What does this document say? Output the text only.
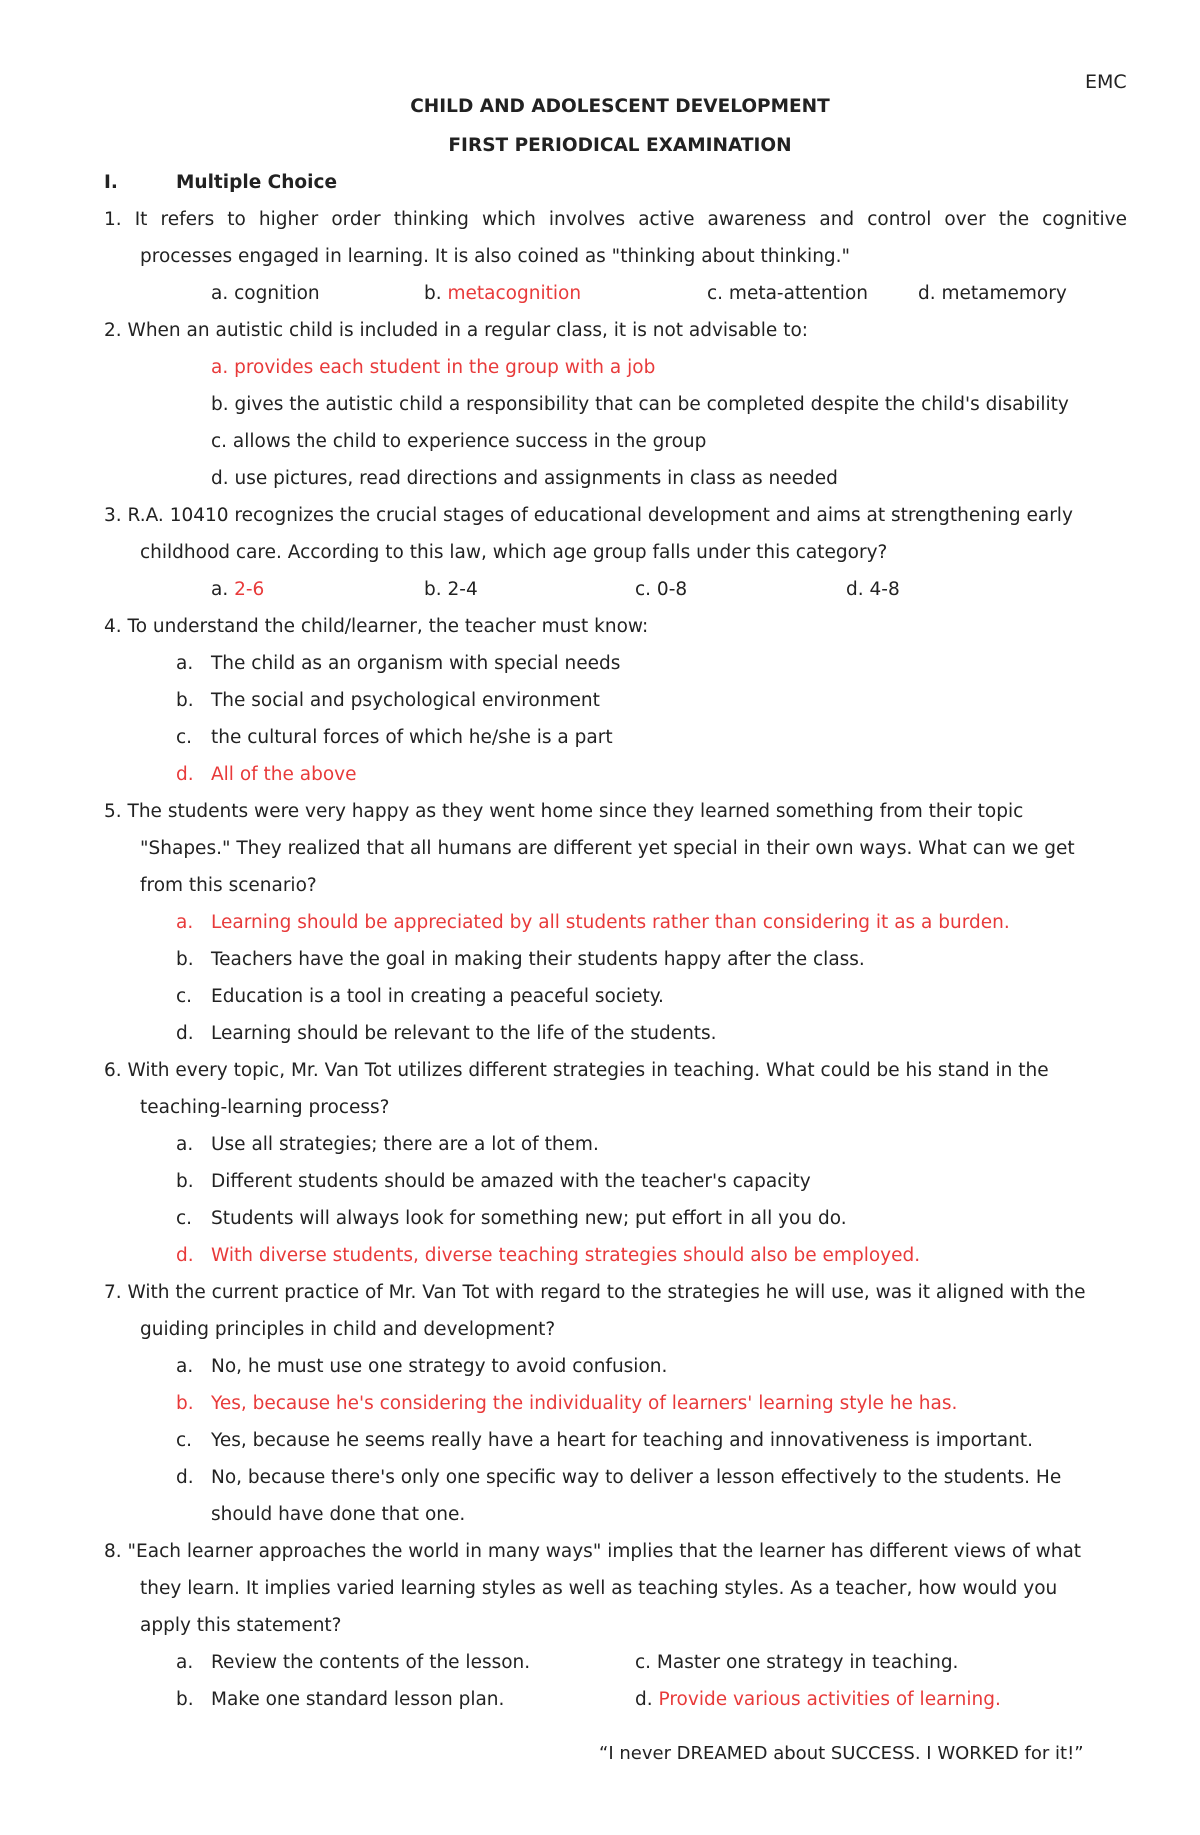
EMC
CHILD AND ADOLESCENT DEVELOPMENT
FIRST PERIODICAL EXAMINATION
I.	Multiple Choice
1. It refers to higher order thinking which involves active awareness and control over the cognitive
processes engaged in learning. It is also coined as "thinking about thinking."
a. cognition	b. metacognition	c. meta-attention	d. metamemory
2. When an autistic child is included in a regular class, it is not advisable to:
a. provides each student in the group with a job
b. gives the autistic child a responsibility that can be completed despite the child's disability
c. allows the child to experience success in the group
d. use pictures, read directions and assignments in class as needed
3. R.A. 10410 recognizes the crucial stages of educational development and aims at strengthening early
childhood care. According to this law, which age group falls under this category?
a. 2-6	b. 2-4	c. 0-8	d. 4-8
4. To understand the child/learner, the teacher must know:
a. The child as an organism with special needs
b. The social and psychological environment
c. the cultural forces of which he/she is a part
d. All of the above
5. The students were very happy as they went home since they learned something from their topic
"Shapes." They realized that all humans are different yet special in their own ways. What can we get
from this scenario?
a. Learning should be appreciated by all students rather than considering it as a burden.
b. Teachers have the goal in making their students happy after the class.
c. Education is a tool in creating a peaceful society.
d. Learning should be relevant to the life of the students.
6. With every topic, Mr. Van Tot utilizes different strategies in teaching. What could be his stand in the
teaching-learning process?
a. Use all strategies; there are a lot of them.
b. Different students should be amazed with the teacher's capacity
c. Students will always look for something new; put effort in all you do.
d. With diverse students, diverse teaching strategies should also be employed.
7. With the current practice of Mr. Van Tot with regard to the strategies he will use, was it aligned with the
guiding principles in child and development?
a. No, he must use one strategy to avoid confusion.
b. Yes, because he's considering the individuality of learners' learning style he has.
c. Yes, because he seems really have a heart for teaching and innovativeness is important.
d. No, because there's only one specific way to deliver a lesson effectively to the students. He
should have done that one.
8. "Each learner approaches the world in many ways" implies that the learner has different views of what
they learn. It implies varied learning styles as well as teaching styles. As a teacher, how would you
apply this statement?
a. Review the contents of the lesson.	c. Master one strategy in teaching.
b. Make one standard lesson plan.	d. Provide various activities of learning.
“I never DREAMED about SUCCESS. I WORKED for it!”
